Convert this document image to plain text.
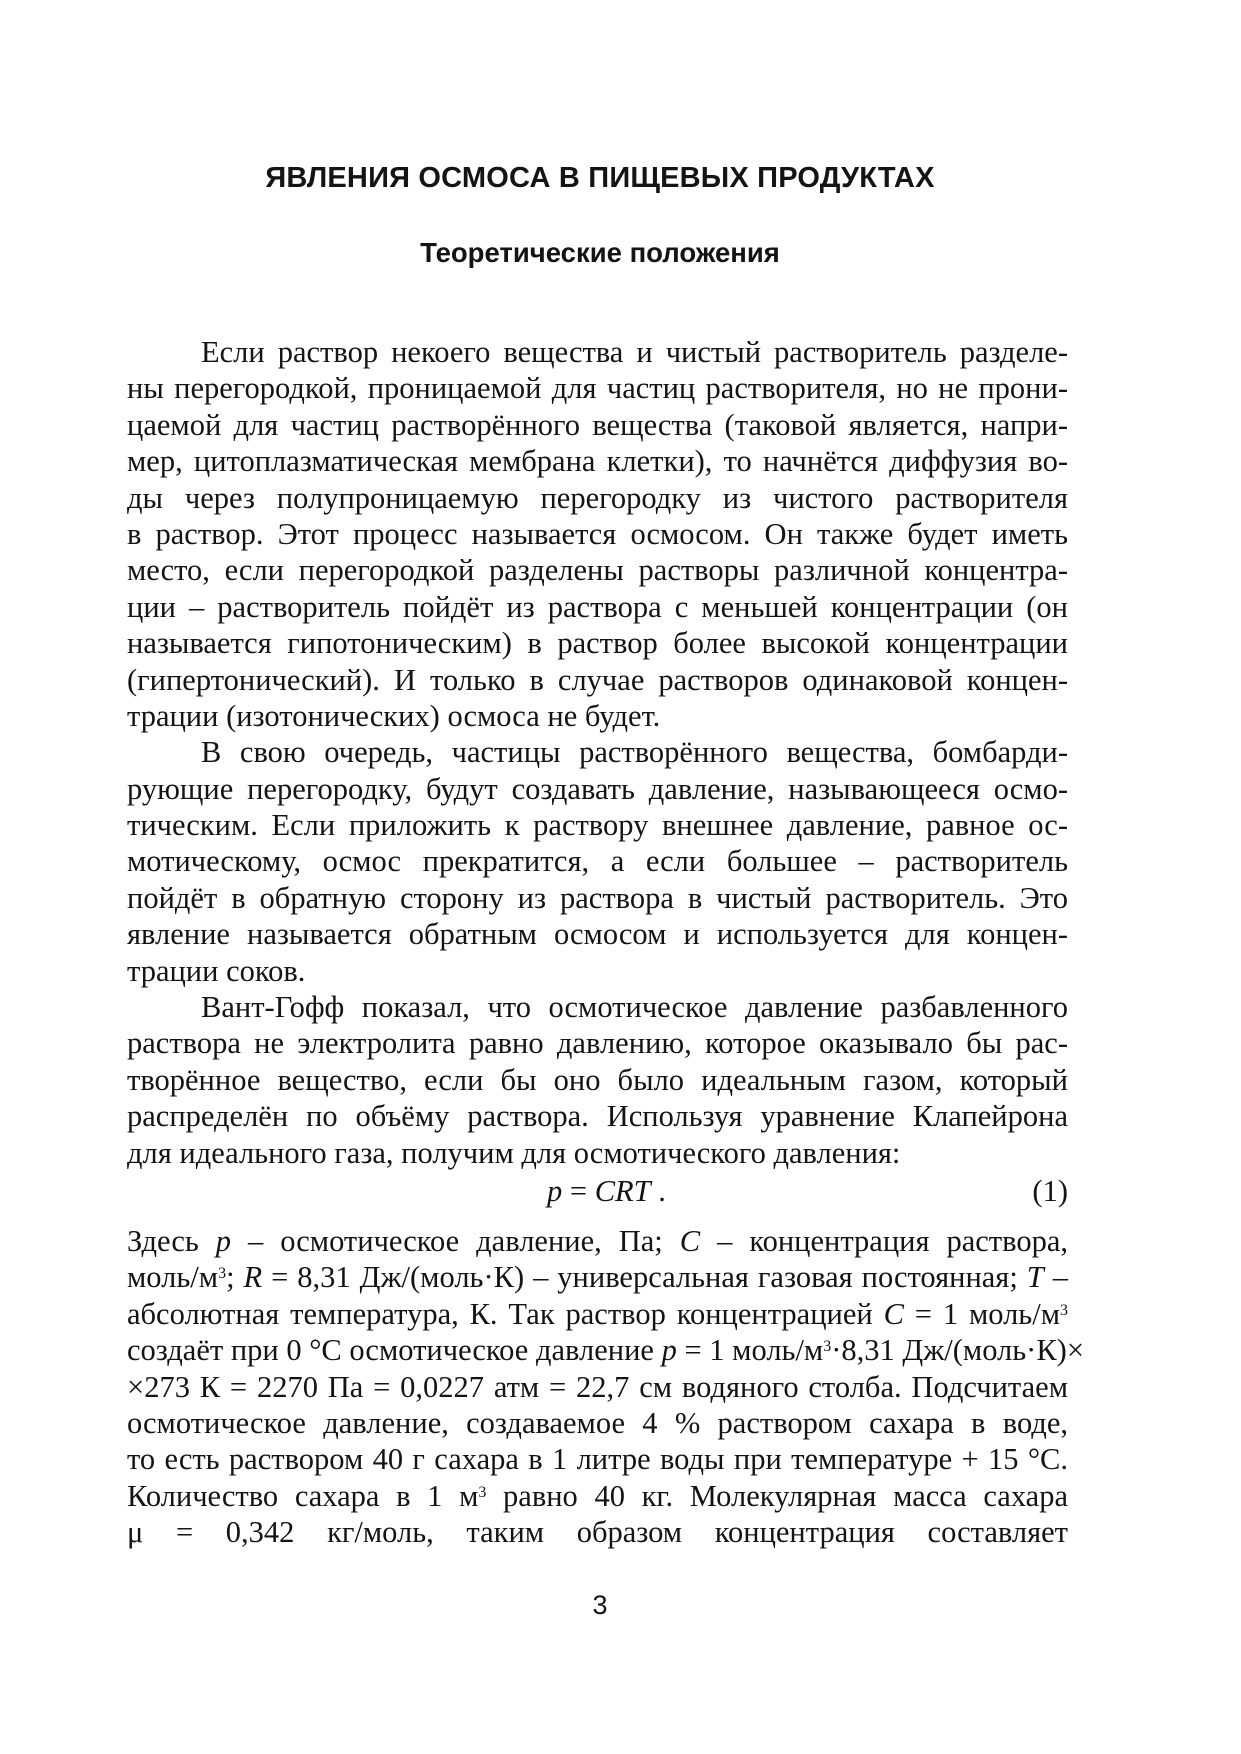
ЯВЛЕНИЯ ОСМОСА В ПИЩЕВЫХ ПРОДУКТАХ
Теоретические положения
Если раствор некоего вещества и чистый растворитель разделе-
ны перегородкой, проницаемой для частиц растворителя, но не прони-
цаемой для частиц растворённого вещества (таковой является, напри-
мер, цитоплазматическая мембрана клетки), то начнётся диффузия во-
ды через полупроницаемую перегородку из чистого растворителя
в раствор. Этот процесс называется осмосом. Он также будет иметь
место, если перегородкой разделены растворы различной концентра-
ции – растворитель пойдёт из раствора с меньшей концентрации (он
называется гипотоническим) в раствор более высокой концентрации
(гипертонический). И только в случае растворов одинаковой концен-
трации (изотонических) осмоса не будет.
В свою очередь, частицы растворённого вещества, бомбарди-
рующие перегородку, будут создавать давление, называющееся осмо-
тическим. Если приложить к раствору внешнее давление, равное ос-
мотическому, осмос прекратится, а если большее – растворитель
пойдёт в обратную сторону из раствора в чистый растворитель. Это
явление называется обратным осмосом и используется для концен-
трации соков.
Вант-Гофф показал, что осмотическое давление разбавленного
раствора не электролита равно давлению, которое оказывало бы рас-
творённое вещество, если бы оно было идеальным газом, который
распределён по объёму раствора. Используя уравнение Клапейрона
для идеального газа, получим для осмотического давления:
p = CRT .	(1)
Здесь p – осмотическое давление, Па; C – концентрация раствора,
моль/$м^3$; R = 8,31 Дж/(моль·К) – универсальная газовая постоянная; T –
абсолютная температура, К. Так раствор концентрацией C = 1 моль/$м^3$
создаёт при 0 °С осмотическое давление p = 1 моль/$м^3\cdot 8,31$ Дж/(моль·К)×
×273 К = 2270 Па = 0,0227 атм = 22,7 см водяного столба. Подсчитаем
осмотическое давление, создаваемое 4 % раствором сахара в воде,
то есть раствором 40 г сахара в 1 литре воды при температуре + 15 °С.
Количество сахара в 1 $м^3$ равно 40 кг. Молекулярная масса сахара
μ = 0,342 кг/моль, таким образом концентрация составляет
3
